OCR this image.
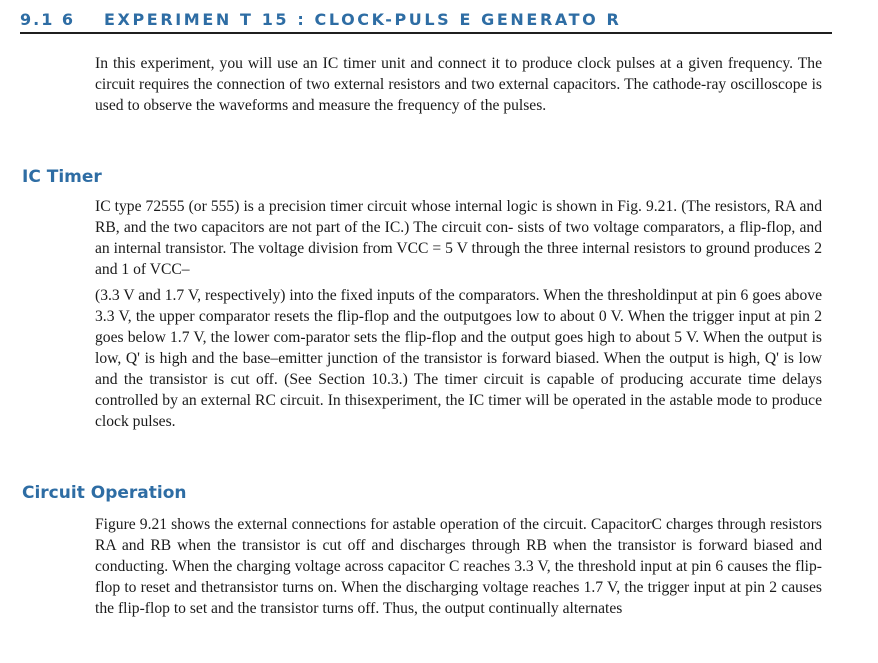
9.1 6 EXPERIMEN T 15 : CLOCK-PULS E GENERATO R

In this experiment, you will use an IC timer unit and connect it to produce clock pulses at a given frequency. The circuit requires the connection of two external resistors and two external capacitors. The cathode-ray oscilloscope is used to observe the waveforms and measure the frequency of the pulses.

IC Timer

IC type 72555 (or 555) is a precision timer circuit whose internal logic is shown in Fig. 9.21. (The resistors, RA and RB, and the two capacitors are not part of the IC.) The circuit con- sists of two voltage comparators, a flip-flop, and an internal transistor. The voltage division from VCC = 5 V through the three internal resistors to ground produces 2 and 1 of VCC–

(3.3 V and 1.7 V, respectively) into the fixed inputs of the comparators. When the thresholdinput at pin 6 goes above 3.3 V, the upper comparator resets the flip-flop and the outputgoes low to about 0 V. When the trigger input at pin 2 goes below 1.7 V, the lower com-parator sets the flip-flop and the output goes high to about 5 V. When the output is low, Q' is high and the base–emitter junction of the transistor is forward biased. When the output is high, Q' is low and the transistor is cut off. (See Section 10.3.) The timer circuit is capable of producing accurate time delays controlled by an external RC circuit. In thisexperiment, the IC timer will be operated in the astable mode to produce clock pulses.

Circuit Operation

Figure 9.21 shows the external connections for astable operation of the circuit. CapacitorC charges through resistors RA and RB when the transistor is cut off and discharges through RB when the transistor is forward biased and conducting. When the charging voltage across capacitor C reaches 3.3 V, the threshold input at pin 6 causes the flip-flop to reset and thetransistor turns on. When the discharging voltage reaches 1.7 V, the trigger input at pin 2 causes the flip-flop to set and the transistor turns off. Thus, the output continually alternates
